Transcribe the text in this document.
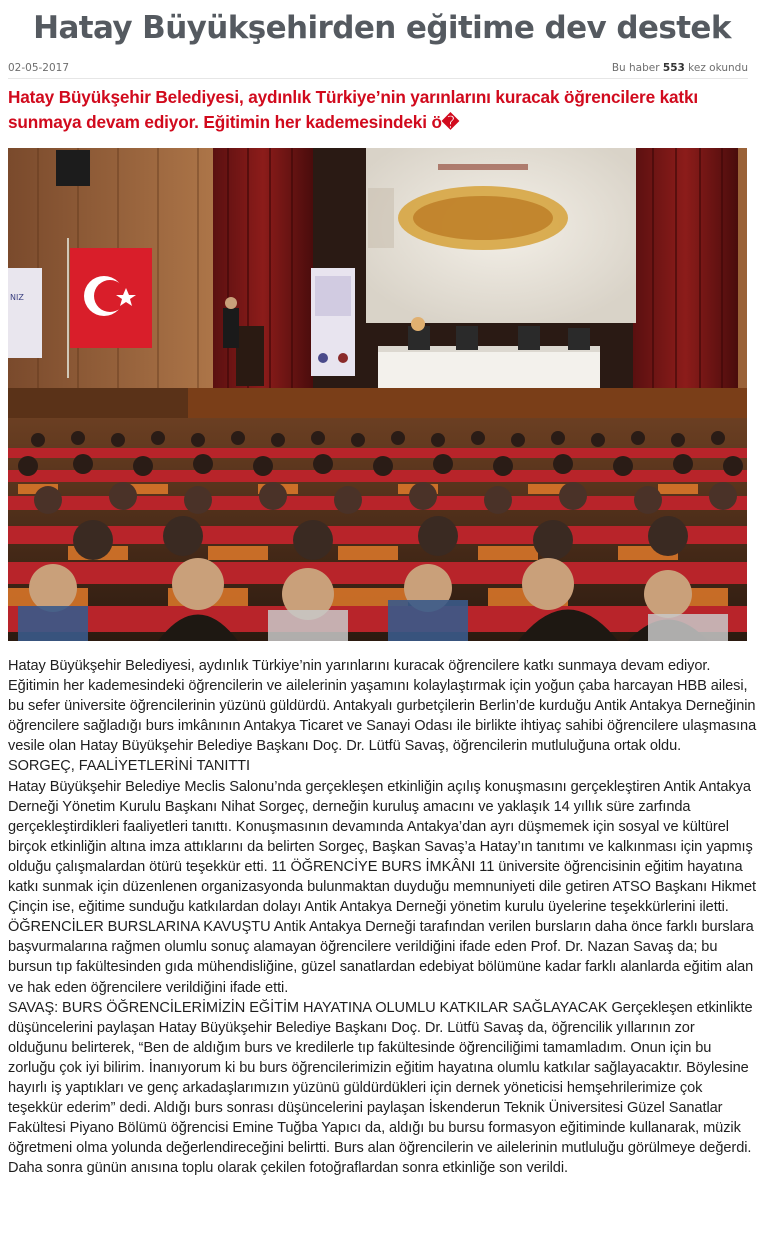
Hatay Büyükşehirden eğitime dev destek
02-05-2017	Bu haber 553 kez okundu
Hatay Büyükşehir Belediyesi, aydınlık Türkiye’nin yarınlarını kuracak öğrencilere katkı sunmaya devam ediyor. Eğitimin her kademesindeki ö�
NIZ

Hatay Büyükşehir Belediyesi, aydınlık Türkiye’nin yarınlarını kuracak öğrencilere katkı sunmaya devam ediyor. Eğitimin her kademesindeki öğrencilerin ve ailelerinin yaşamını kolaylaştırmak için yoğun çaba harcayan HBB ailesi, bu sefer üniversite öğrencilerinin yüzünü güldürdü. Antakyalı gurbetçilerin Berlin’de kurduğu Antik Antakya Derneğinin öğrencilere sağladığı burs imkânının Antakya Ticaret ve Sanayi Odası ile birlikte ihtiyaç sahibi öğrencilere ulaşmasına vesile olan Hatay Büyükşehir Belediye Başkanı Doç. Dr. Lütfü Savaş, öğrencilerin mutluluğuna ortak oldu.

SORGEÇ, FAALİYETLERİNİ TANITTI

Hatay Büyükşehir Belediye Meclis Salonu’nda gerçekleşen etkinliğin açılış konuşmasını gerçekleştiren Antik Antakya Derneği Yönetim Kurulu Başkanı Nihat Sorgeç, derneğin kuruluş amacını ve yaklaşık 14 yıllık süre zarfında gerçekleştirdikleri faaliyetleri tanıttı. Konuşmasının devamında Antakya’dan ayrı düşmemek için sosyal ve kültürel birçok etkinliğin altına imza attıklarını da belirten Sorgeç, Başkan Savaş’a Hatay’ın tanıtımı ve kalkınması için yapmış olduğu çalışmalardan ötürü teşekkür etti. 11 ÖĞRENCİYE BURS İMKÂNI 11 üniversite öğrencisinin eğitim hayatına katkı sunmak için düzenlenen organizasyonda bulunmaktan duyduğu memnuniyeti dile getiren ATSO Başkanı Hikmet Çinçin ise, eğitime sunduğu katkılardan dolayı Antik Antakya Derneği yönetim kurulu üyelerine teşekkürlerini iletti. ÖĞRENCİLER BURSLARINA KAVUŞTU Antik Antakya Derneği tarafından verilen bursların daha önce farklı burslara başvurmalarına rağmen olumlu sonuç alamayan öğrencilere verildiğini ifade eden Prof. Dr. Nazan Savaş da; bu bursun tıp fakültesinden gıda mühendisliğine, güzel sanatlardan edebiyat bölümüne kadar farklı alanlarda eğitim alan ve hak eden öğrencilere verildiğini ifade etti.

SAVAŞ: BURS ÖĞRENCİLERİMİZİN EĞİTİM HAYATINA OLUMLU KATKILAR SAĞLAYACAK Gerçekleşen etkinlikte düşüncelerini paylaşan Hatay Büyükşehir Belediye Başkanı Doç. Dr. Lütfü Savaş da, öğrencilik yıllarının zor olduğunu belirterek, “Ben de aldığım burs ve kredilerle tıp fakültesinde öğrenciliğimi tamamladım. Onun için bu zorluğu çok iyi bilirim. İnanıyorum ki bu burs öğrencilerimizin eğitim hayatına olumlu katkılar sağlayacaktır. Böylesine hayırlı iş yaptıkları ve genç arkadaşlarımızın yüzünü güldürdükleri için dernek yöneticisi hemşehrilerimize çok teşekkür ederim” dedi. Aldığı burs sonrası düşüncelerini paylaşan İskenderun Teknik Üniversitesi Güzel Sanatlar Fakültesi Piyano Bölümü öğrencisi Emine Tuğba Yapıcı da, aldığı bu bursu formasyon eğitiminde kullanarak, müzik öğretmeni olma yolunda değerlendireceğini belirtti. Burs alan öğrencilerin ve ailelerinin mutluluğu görülmeye değerdi.

Daha sonra günün anısına toplu olarak çekilen fotoğraflardan sonra etkinliğe son verildi.
